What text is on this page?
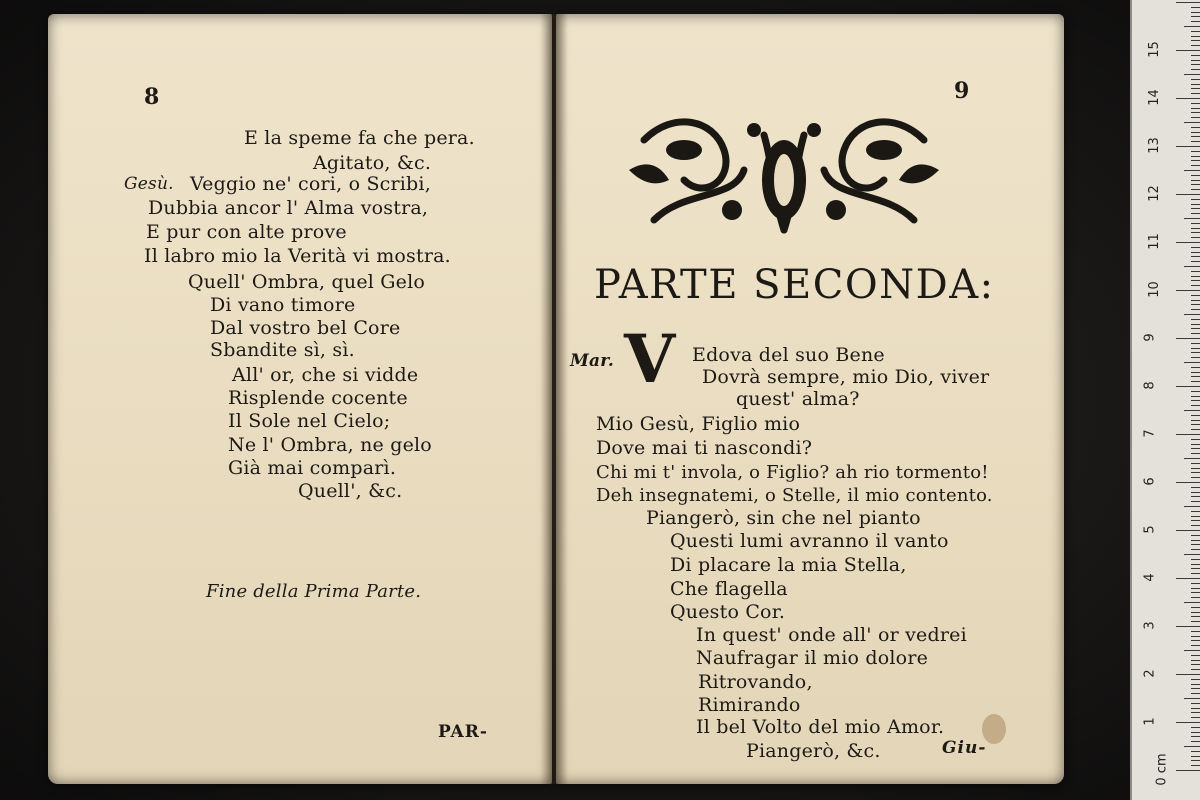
8
E la speme fa che pera.
Agitato, &c.
Gesù. Veggio ne' cori, o Scribi,
Dubbia ancor l' Alma vostra,
E pur con alte prove
Il labro mio la Verità vi mostra.
Quell' Ombra, quel Gelo
Di vano timore
Dal vostro bel Core
Sbandite sì, sì.
All' or, che si vidde
Risplende cocente
Il Sole nel Cielo;
Ne l' Ombra, ne gelo
Già mai comparì.
Quell', &c.
Fine della Prima Parte.
PAR-
9
PARTE SECONDA:
Mar. V Edova del suo Bene
Dovrà sempre, mio Dio, viver
quest' alma?
Mio Gesù, Figlio mio
Dove mai ti nascondi?
Chi mi t' invola, o Figlio? ah rio tormento!
Deh insegnatemi, o Stelle, il mio contento.
Piangerò, sin che nel pianto
Questi lumi avranno il vanto
Di placare la mia Stella,
Che flagella
Questo Cor.
In quest' onde all' or vedrei
Naufragar il mio dolore
Ritrovando,
Rimirando
Il bel Volto del mio Amor.
Piangerò, &c.	Giu-
0 cm
1
2
3
4
5
6
7
8
9
10
11
12
13
14
15
